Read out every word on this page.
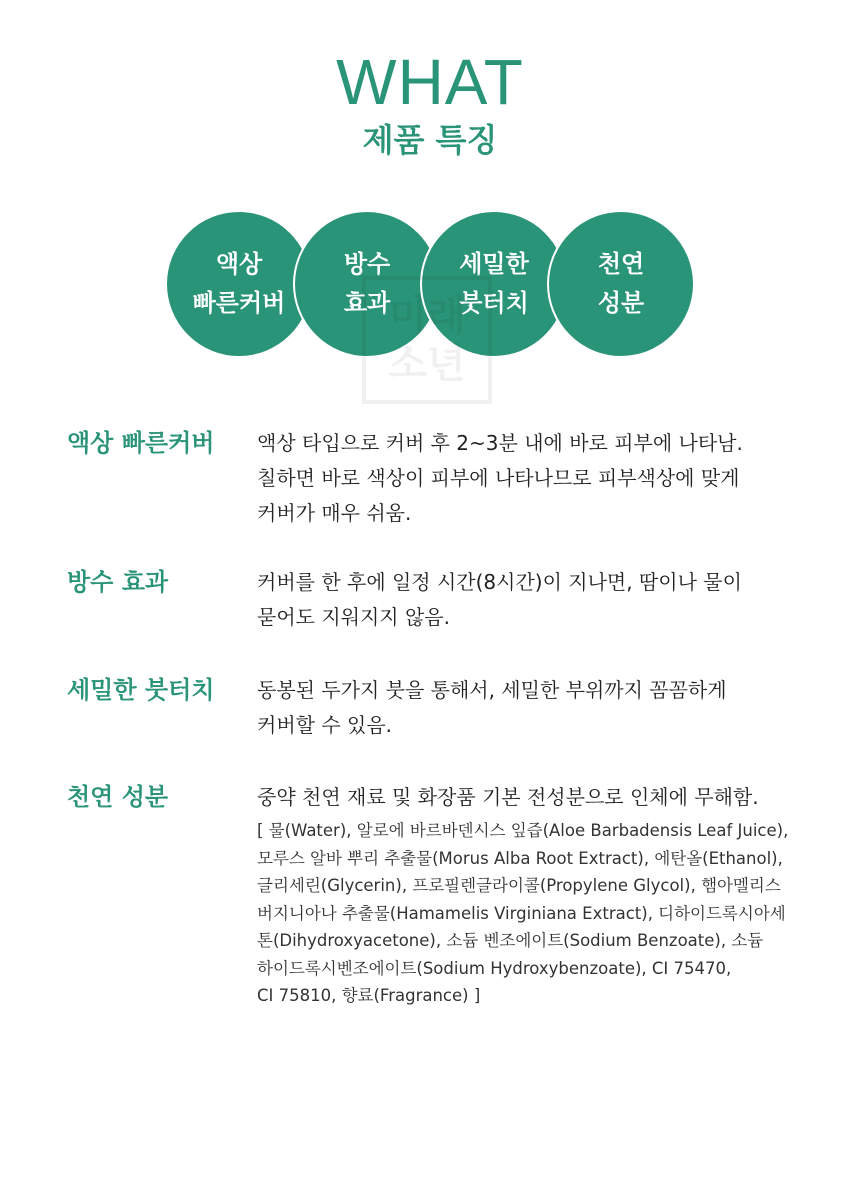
WHAT
제품 특징
액상
빠른커버
방수
효과
세밀한
붓터치
천연
성분
소년
액상 빠른커버 액상 타입으로 커버 후 2~3분 내에 바로 피부에 나타남.

칠하면 바로 색상이 피부에 나타나므로 피부색상에 맞게

커버가 매우 쉬움.

방수 효과	커버를 한 후에 일정 시간(8시간)이 지나면, 땀이나 물이

묻어도 지워지지 않음.

세밀한 붓터치 동봉된 두가지 붓을 통해서, 세밀한 부위까지 꼼꼼하게

커버할 수 있음.

천연 성분	중약 천연 재료 및 화장품 기본 전성분으로 인체에 무해함.

[ 물(Water), 알로에 바르바덴시스 잎즙(Aloe Barbadensis Leaf Juice),

모루스 알바 뿌리 추출물(Morus Alba Root Extract), 에탄올(Ethanol),

글리세린(Glycerin), 프로필렌글라이콜(Propylene Glycol), 햄아멜리스

버지니아나 추출물(Hamamelis Virginiana Extract), 디하이드록시아세

톤(Dihydroxyacetone), 소듐 벤조에이트(Sodium Benzoate), 소듐

하이드록시벤조에이트(Sodium Hydroxybenzoate), CI 75470,

CI 75810, 향료(Fragrance) ]
